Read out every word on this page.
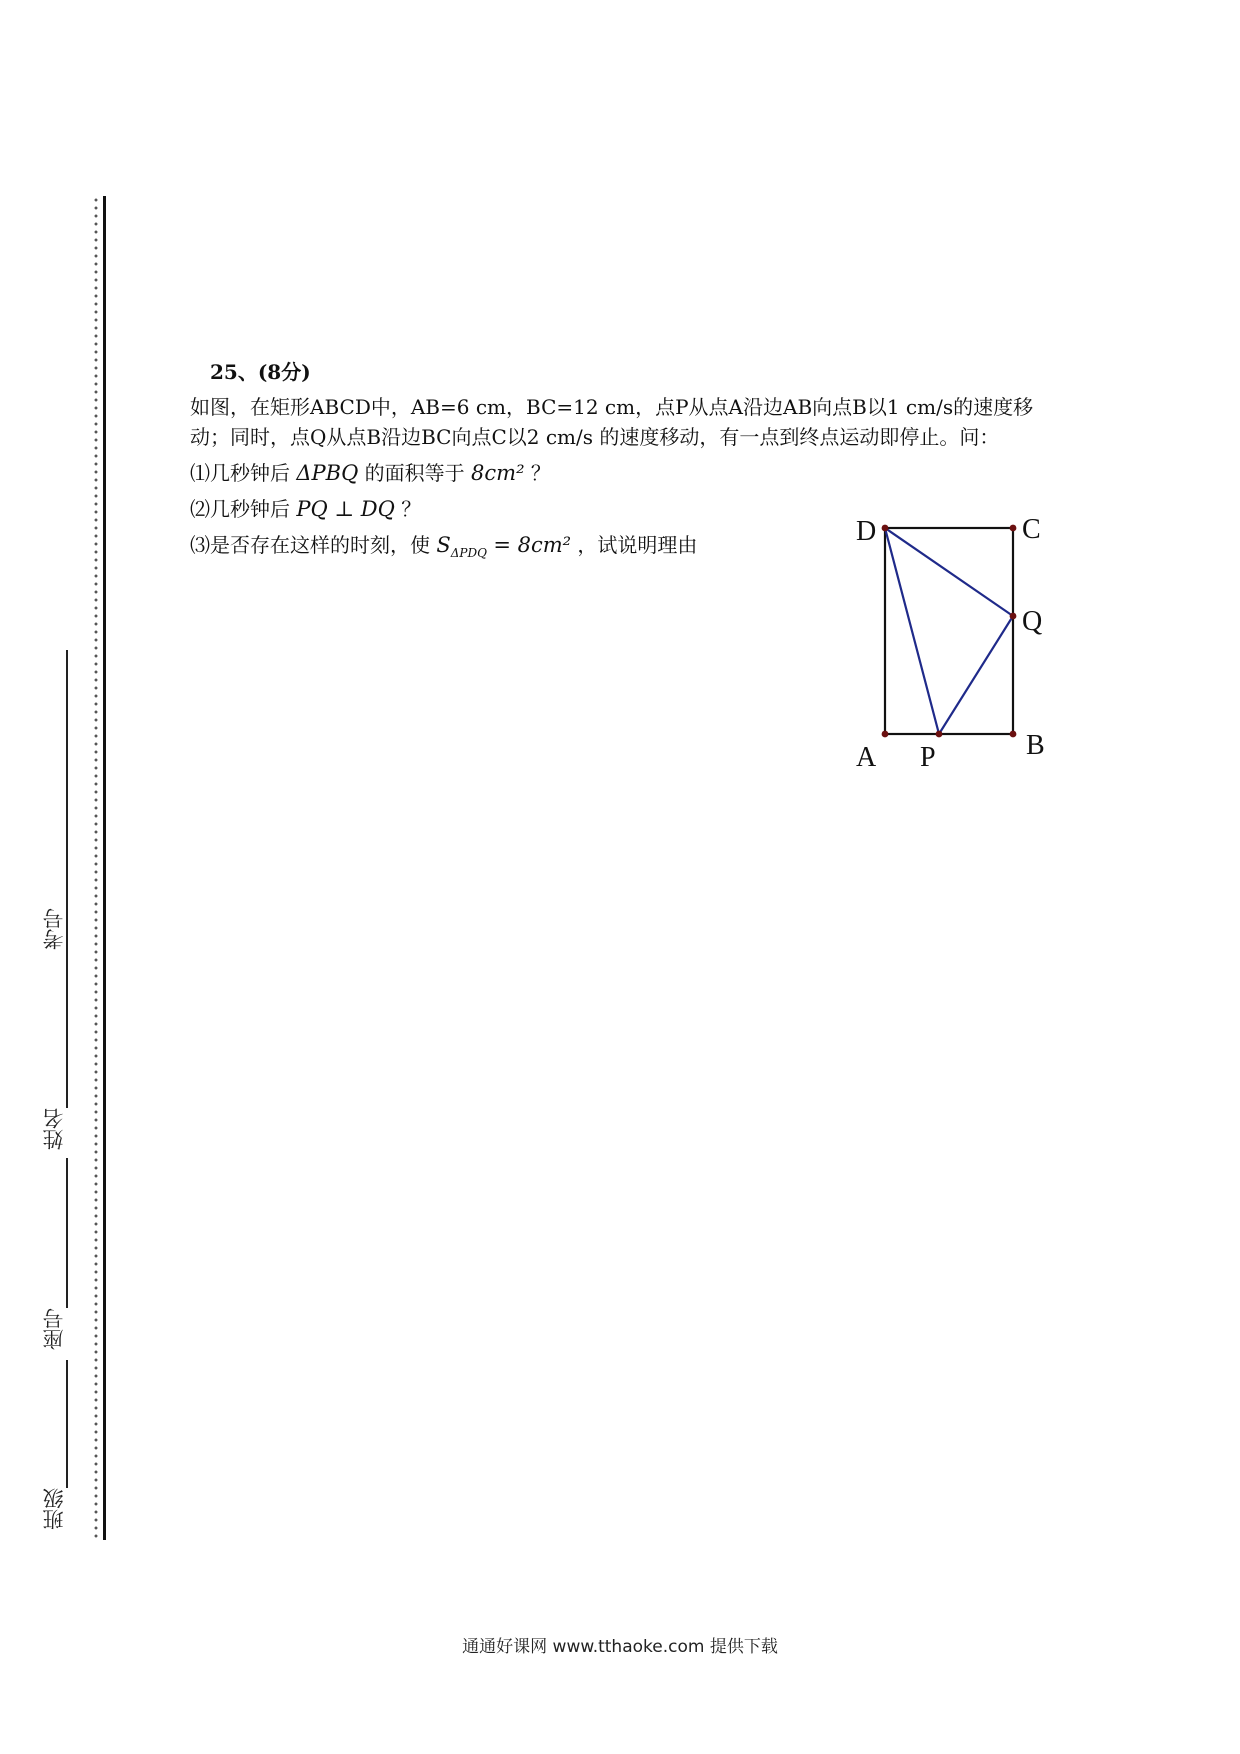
考号
姓名
座号
班级
25、(8分)
如图，在矩形ABCD中，AB=6 cm，BC=12 cm，点P从点A沿边AB向点B以1 cm/s的速度移动；同时，点Q从点B沿边BC向点C以2 cm/s 的速度移动，有一点到终点运动即停止。问：
⑴几秒钟后 ΔPBQ 的面积等于 8cm² ？
⑵几秒钟后 PQ ⊥ DQ ？
⑶是否存在这样的时刻，使 $S_{\Delta PDQ} = 8cm^2$ ，试说明理由	D	C
Q
A P	B
通通好课网 www.tthaoke.com 提供下载
